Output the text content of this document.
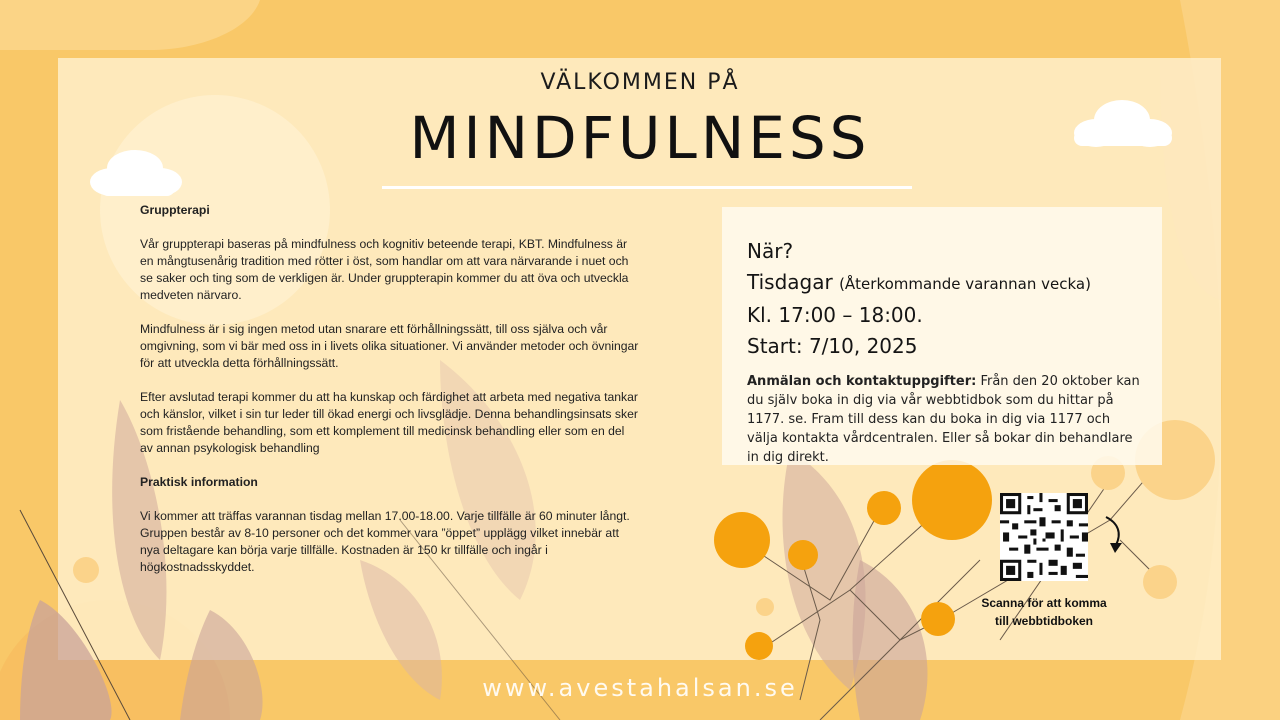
VÄLKOMMEN PÅ
MINDFULNESS

Gruppterapi

Vår gruppterapi baseras på mindfulness och kognitiv beteende terapi, KBT. Mindfulness är en mångtusenårig tradition med rötter i öst, som handlar om att vara närvarande i nuet och se saker och ting som de verkligen är. Under gruppterapin kommer du att öva och utveckla medveten närvaro.

Mindfulness är i sig ingen metod utan snarare ett förhållningssätt, till oss själva och vår omgivning, som vi bär med oss in i livets olika situationer. Vi använder metoder och övningar för att utveckla detta förhållningssätt.

Efter avslutad terapi kommer du att ha kunskap och färdighet att arbeta med negativa tankar och känslor, vilket i sin tur leder till ökad energi och livsglädje. Denna behandlingsinsats sker som fristående behandling, som ett komplement till medicinsk behandling eller som en del av annan psykologisk behandling

Praktisk information

Vi kommer att träffas varannan tisdag mellan 17.00-18.00. Varje tillfälle är 60 minuter långt. Gruppen består av 8-10 personer och det kommer vara ”öppet” upplägg vilket innebär att nya deltagare kan börja varje tillfälle. Kostnaden är 150 kr tillfälle och ingår i högkostnadsskyddet.

När?
Tisdagar (Återkommande varannan vecka)
Kl. 17:00 – 18:00.
Start: 7/10, 2025
Anmälan och kontaktuppgifter: Från den 20 oktober kan du själv boka in dig via vår webbtidbok som du hittar på 1177. se. Fram till dess kan du boka in dig via 1177 och välja kontakta vårdcentralen. Eller så bokar din behandlare in dig direkt.
Scanna för att komma
till webbtidboken
www.avestahalsan.se
